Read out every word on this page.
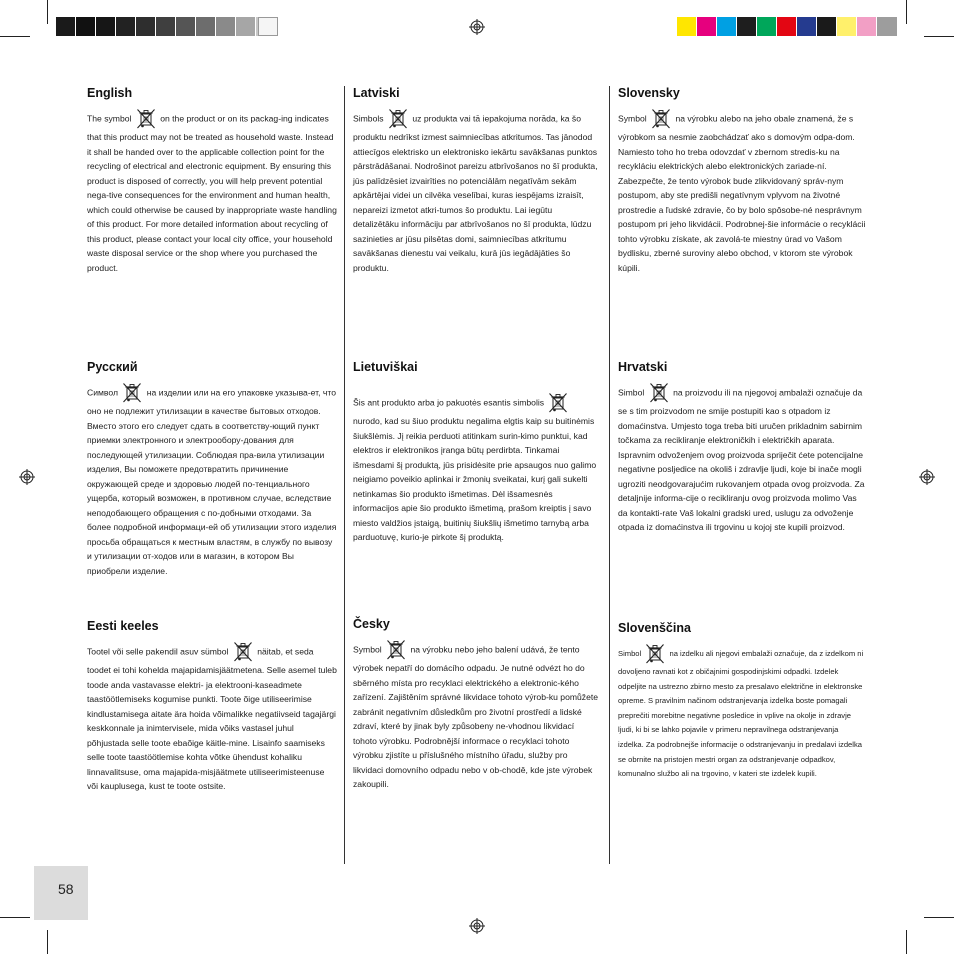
English
The symbol	on the product or on its packag-ing indicates that this product may not be treated as household waste. Instead it shall be handed over to the applicable collection point for the recycling of electrical and electronic equipment. By ensuring this product is disposed of correctly, you will help prevent potential nega-tive consequences for the environment and human health, which could otherwise be caused by inappropriate waste handling of this product. For more detailed information about recycling of this product, please contact your local city office, your household waste disposal service or the shop where you purchased the product.
Русский
Символ	на изделии или на его упаковке указыва-ет, что оно не подлежит утилизации в качестве бытовых отходов. Вместо этого его следует сдать в соответству-ющий пункт приемки электронного и электрообору-дования для последующей утилизации. Соблюдая пра-вила утилизации изделия, Вы поможете предотвратить причинение окружающей среде и здоровью людей по-тенциального ущерба, который возможен, в противном случае, вследствие неподобающего обращения с по-добными отходами. За более подробной информаци-ей об утилизации этого изделия просьба обращаться к местным властям, в службу по вывозу и утилизации от-ходов или в магазин, в котором Вы приобрели изделие.
Eesti keeles
Tootel või selle pakendil asuv sümbol	näitab, et seda toodet ei tohi kohelda majapidamisjäätmetena. Selle asemel tuleb toode anda vastavasse elektri- ja elektrooni-kaseadmete taastöötlemiseks kogumise punkti. Toote õige utiliseerimise kindlustamisega aitate ära hoida võimalikke negatiivseid tagajärgi keskkonnale ja inimtervisele, mida võiks vastasel juhul põhjustada selle toote ebaõige käitle-mine. Lisainfo saamiseks selle toote taastöötlemise kohta võtke ühendust kohaliku linnavalitsuse, oma majapida-misjäätmete utiliseerimisteenuse või kauplusega, kust te toote ostsite.
Latviski
Simbols	uz produkta vai tā iepakojuma norāda, ka šo produktu nedrīkst izmest saimniecības atkritumos. Tas jānodod attiecīgos elektrisko un elektronisko iekārtu savākšanas punktos pārstrādāšanai. Nodrošinot pareizu atbrīvošanos no šī produkta, jūs palīdzēsiet izvairīties no potenciālām negatīvām sekām apkārtējai videi un cilvēka veselībai, kuras iespējams izraisīt, nepareizi izmetot atkri-tumos šo produktu. Lai iegūtu detalizētāku informāciju par atbrīvošanos no šī produkta, lūdzu sazinieties ar jūsu pilsētas domi, saimniecības atkritumu savākšanas dienestu vai veikalu, kurā jūs iegādājāties šo produktu.
Lietuviškai
Šis ant produkto arba jo pakuotės esantis simbolis  nurodo, kad su šiuo produktu negalima elgtis kaip su buitinėmis šiukšlėmis. Jį reikia perduoti atitinkam surin-kimo punktui, kad elektros ir elektronikos įranga būtų perdirbta. Tinkamai išmesdami šį produktą, jūs prisidėsite prie apsaugos nuo galimo neigiamo poveikio aplinkai ir žmonių sveikatai, kurį gali sukelti netinkamas šio produkto išmetimas. Dėl išsamesnės informacijos apie šio produkto išmetimą, prašom kreiptis į savo miesto valdžios įstaigą, buitinių šiukšlių išmetimo tarnybą arba parduotuvę, kurio-je pirkote šį produktą.
Česky
Symbol	na výrobku nebo jeho balení udává, že tento výrobek nepatří do domácího odpadu. Je nutné odvézt ho do sběrného místa pro recyklaci elektrického a elektronic-kého zařízení. Zajištěním správné likvidace tohoto výrob-ku pomůžete zabránit negativním důsledkům pro životní prostředí a lidské zdraví, které by jinak byly způsobeny ne-vhodnou likvidací tohoto výrobku. Podrobnější informace o recyklaci tohoto výrobku zjistíte u příslušného místního úřadu, služby pro likvidaci domovního odpadu nebo v ob-chodě, kde jste výrobek zakoupili.
Slovensky
Symbol	na výrobku alebo na jeho obale znamená, že s výrobkom sa nesmie zaobchádzať ako s domovým odpa-dom. Namiesto toho ho treba odovzdať v zbernom stredis-ku na recykláciu elektrických alebo elektronických zariade-ní. Zabezpečte, že tento výrobok bude zlikvidovaný správ-nym postupom, aby ste predišli negatívnym vplyvom na životné prostredie a ľudské zdravie, čo by bolo spôsobe-né nesprávnym postupom pri jeho likvidácii. Podrobnej-šie informácie o recyklácii tohto výrobku získate, ak zavolá-te miestny úrad vo Vašom bydlisku, zberné suroviny alebo obchod, v ktorom ste výrobok kúpili.
Hrvatski
Simbol	na proizvodu ili na njegovoj ambalaži označuje da se s tim proizvodom ne smije postupiti kao s otpadom iz domaćinstva. Umjesto toga treba biti uručen prikladnim sabirnim točkama za recikliranje elektroničkih i električkih aparata. Ispravnim odvoženjem ovog proizvoda spriječit ćete potencijalne negativne posljedice na okoliš i zdravlje ljudi, koje bi inače mogli ugroziti neodgovarajućim rukovanjem otpada ovog proizvoda. Za detaljnije informa-cije o recikliranju ovog proizvoda molimo Vas da kontakti-rate Vaš lokalni gradski ured, uslugu za odvoženje otpada iz domaćinstva ili trgovinu u kojoj ste kupili proizvod.
Slovenščina
Simbol	na izdelku ali njegovi embalaži označuje, da z izdelkom ni dovoljeno ravnati kot z običajnimi gospodinjskimi odpadki. Izdelek odpeljite na ustrezno zbirno mesto za presalavo električne in elektronske opreme. S pravilnim načinom odstranjevanja izdelka boste pomagali preprečiti morebitne negativne posledice in vplive na okolje in zdravje ljudi, ki bi se lahko pojavile v primeru nepravilnega odstranjevanja izdelka. Za podrobnejše informacije o odstranjevanju in predalavi izdelka se obrnite na pristojen mestri organ za odstranjevanje odpadkov, komunalno službo ali na trgovino, v kateri ste izdelek kupili.
58
